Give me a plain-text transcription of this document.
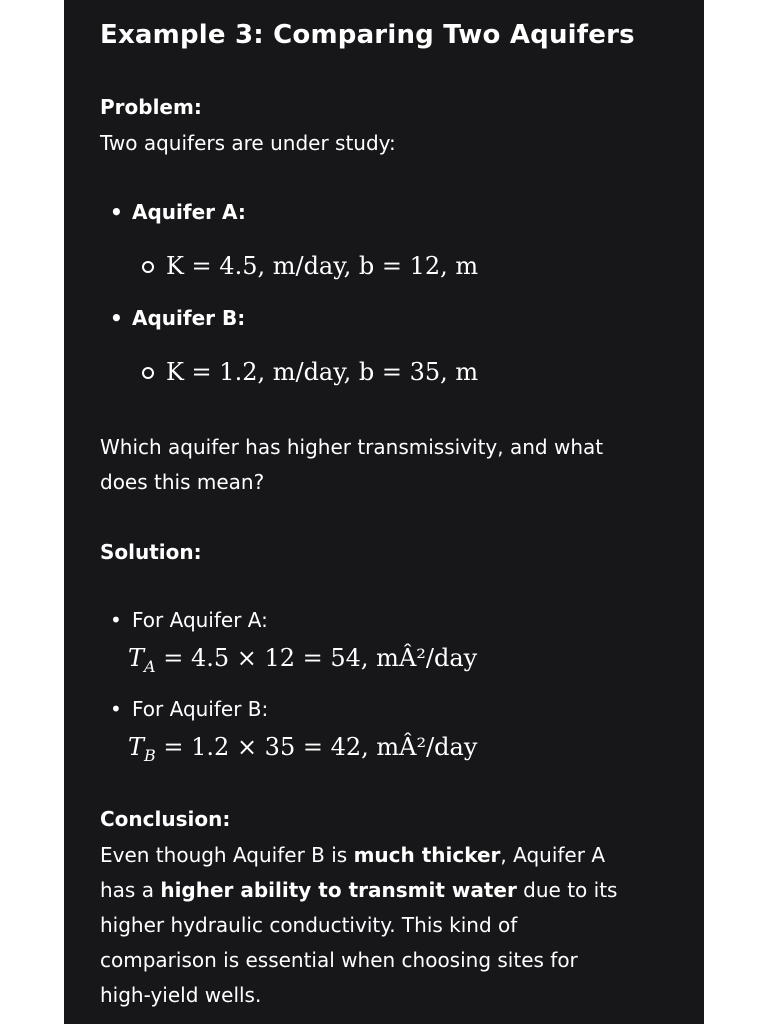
Example 3: Comparing Two Aquifers
Problem:
Two aquifers are under study:
• Aquifer A:
K = 4.5, m/day, b = 12, m
• Aquifer B:
K = 1.2, m/day, b = 35, m
Which aquifer has higher transmissivity, and what
does this mean?
Solution:
• For Aquifer A:
$T_A = 4.5 \times 12 = 54$, mÂ²/day
• For Aquifer B:
$T_B = 1.2 \times 35 = 42$, mÂ²/day
Conclusion:
Even though Aquifer B is much thicker, Aquifer A
has a higher ability to transmit water due to its
higher hydraulic conductivity. This kind of
comparison is essential when choosing sites for
high-yield wells.
